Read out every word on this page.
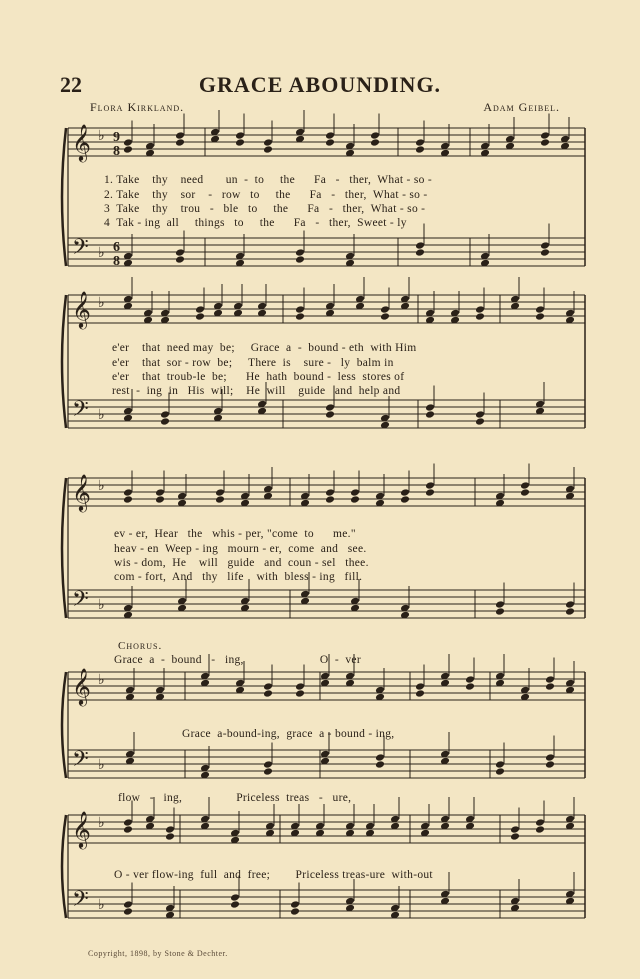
22	GRACE ABOUNDING.
Flora Kirkland.	Adam Geibel.
𝄞
𝄢
♭
♭
9
8
6
8
𝄞
𝄢
♭
♭
𝄞
𝄢
♭
♭
𝄞
𝄢
♭
♭
𝄞
𝄢
♭
♭
1. Take    thy    need       un  -  to     the      Fa   -   ther,  What - so -
2. Take    thy    sor    -   row   to     the      Fa   -   ther,  What - so -
3  Take    thy    trou   -   ble   to     the      Fa   -   ther,  What - so -
4  Tak - ing  all     things   to     the      Fa   -   ther,  Sweet - ly
e'er    that  need may  be;     Grace  a  -  bound - eth  with Him
e'er    that  sor - row  be;     There  is    sure -   ly  balm in
e'er    that  troub-le  be;      He  hath  bound -  less  stores of
rest  -  ing  in   His  will;    He  will    guide   and  help and
ev - er,  Hear   the   whis - per, "come  to      me."
heav - en  Weep - ing   mourn - er,  come  and   see.
wis - dom,  He    will   guide   and  coun - sel   thee.
com - fort,  And   thy   life    with  bless - ing   fill.
Chorus.
Grace  a  -  bound   -   ing,                        O  -  ver
Grace  a-bound-ing,  grace  a - bound - ing,
flow   -   ing,                 Priceless  treas   -   ure,
O - ver flow-ing  full  and  free;        Priceless treas-ure  with-out
Copyright, 1898, by Stone & Dechter.
